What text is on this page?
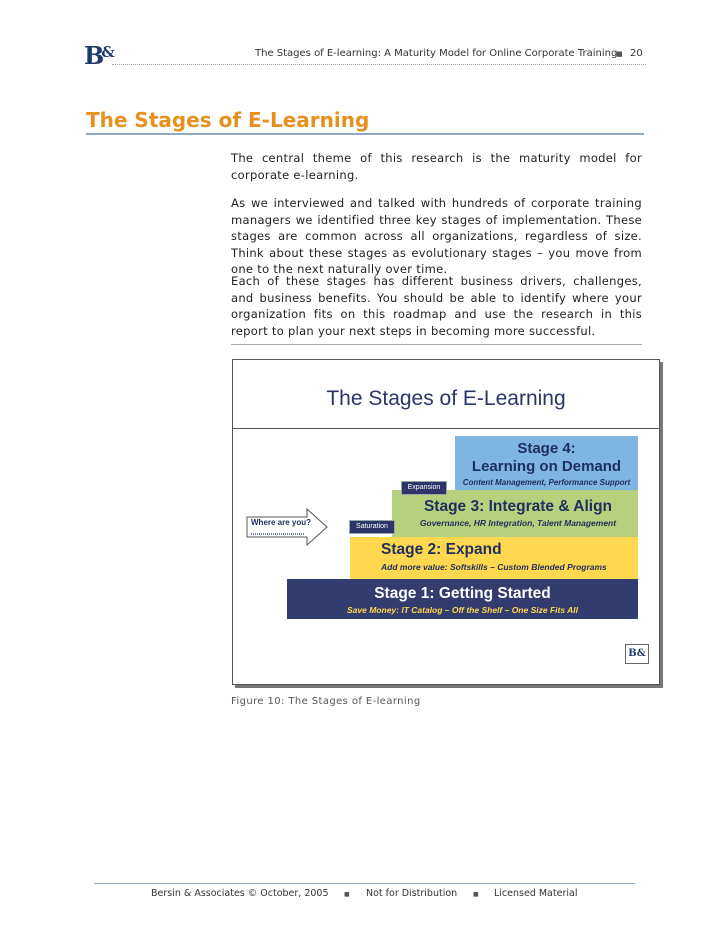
B&	The Stages of E-learning: A Maturity Model for Online Corporate Training
■ 20
The Stages of E-Learning
The central theme of this research is the maturity model for corporate e-learning.
As we interviewed and talked with hundreds of corporate training managers we identified three key stages of implementation. These stages are common across all organizations, regardless of size. Think about these stages as evolutionary stages – you move from one to the next naturally over time.
Each of these stages has different business drivers, challenges, and business benefits. You should be able to identify where your organization fits on this roadmap and use the research in this report to plan your next steps in becoming more successful.
The Stages of E-Learning
Stage 4:
Learning on Demand
Content Management, Performance Support
Stage 3: Integrate & Align
Governance, HR Integration, Talent Management
Stage 2: Expand
Add more value: Softskills – Custom Blended Programs
Stage 1: Getting Started
Save Money: IT Catalog – Off the Shelf – One Size Fits All
Expansion
Saturation
Where are you?
B&
Figure 10: The Stages of E-learning
Bersin & Associates © October, 2005	■ Not for Distribution	■ Licensed Material
